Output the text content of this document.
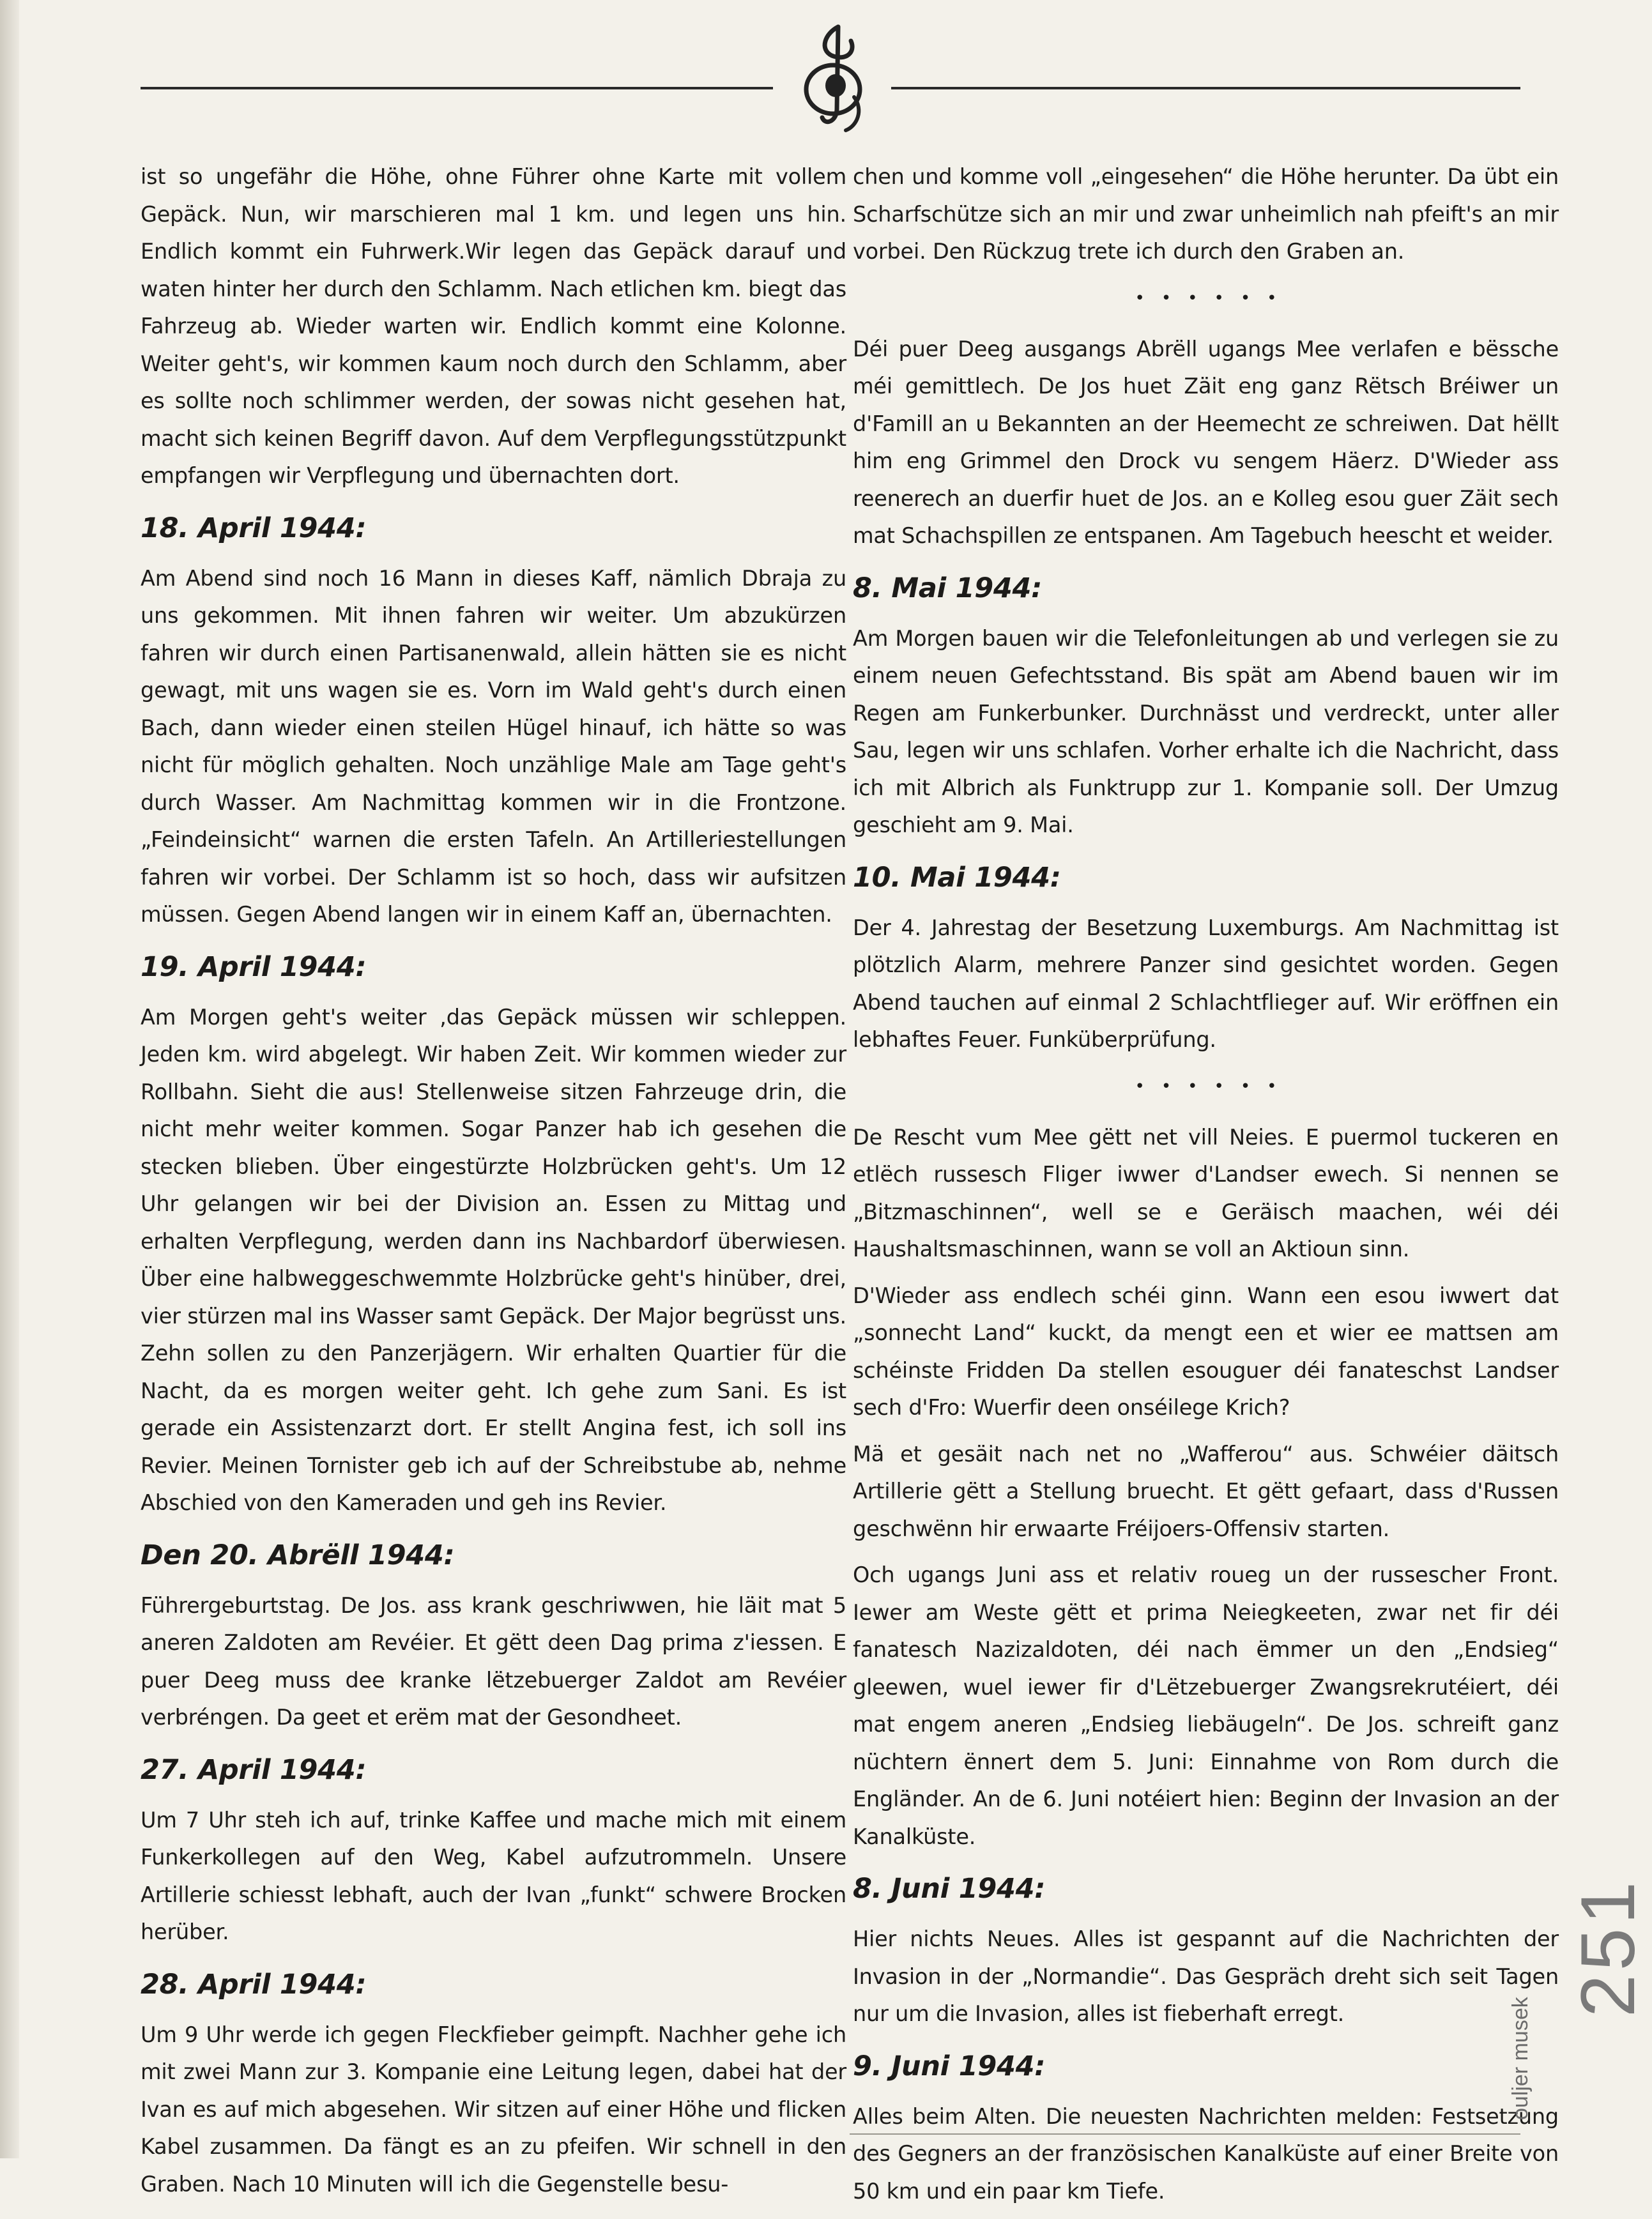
ist so ungefähr die Höhe, ohne Führer ohne Karte mit vollem Gepäck. Nun, wir marschieren mal 1 km. und legen uns hin. Endlich kommt ein Fuhrwerk.Wir legen das Gepäck darauf und waten hinter her durch den Schlamm. Nach etlichen km. biegt das Fahrzeug ab. Wieder warten wir. Endlich kommt eine Kolonne. Weiter geht's, wir kommen kaum noch durch den Schlamm, aber es sollte noch schlimmer werden, der sowas nicht gesehen hat, macht sich keinen Begriff davon. Auf dem Verpflegungsstützpunkt empfangen wir Verpflegung und übernachten dort.

18. April 1944:

Am Abend sind noch 16 Mann in dieses Kaff, nämlich Dbraja zu uns gekommen. Mit ihnen fahren wir weiter. Um abzukürzen fahren wir durch einen Partisanenwald, allein hätten sie es nicht gewagt, mit uns wagen sie es. Vorn im Wald geht's durch einen Bach, dann wieder einen steilen Hügel hinauf, ich hätte so was nicht für möglich gehalten. Noch unzählige Male am Tage geht's durch Wasser. Am Nachmittag kommen wir in die Frontzone. „Feindeinsicht“ warnen die ersten Tafeln. An Artilleriestellungen fahren wir vorbei. Der Schlamm ist so hoch, dass wir aufsitzen müssen. Gegen Abend langen wir in einem Kaff an, übernachten.

19. April 1944:

Am Morgen geht's weiter ,das Gepäck müssen wir schleppen. Jeden km. wird abgelegt. Wir haben Zeit. Wir kommen wieder zur Rollbahn. Sieht die aus! Stellenweise sitzen Fahrzeuge drin, die nicht mehr weiter kommen. Sogar Panzer hab ich gesehen die stecken blieben. Über eingestürzte Holzbrücken geht's. Um 12 Uhr gelangen wir bei der Division an. Essen zu Mittag und erhalten Verpflegung, werden dann ins Nachbardorf überwiesen. Über eine halbweggeschwemmte Holzbrücke geht's hinüber, drei, vier stürzen mal ins Wasser samt Gepäck. Der Major begrüsst uns. Zehn sollen zu den Panzerjägern. Wir erhalten Quartier für die Nacht, da es morgen weiter geht. Ich gehe zum Sani. Es ist gerade ein Assistenzarzt dort. Er stellt Angina fest, ich soll ins Revier. Meinen Tornister geb ich auf der Schreibstube ab, nehme Abschied von den Kameraden und geh ins Revier.

Den 20. Abrëll 1944:

Führergeburtstag. De Jos. ass krank geschriwwen, hie läit mat 5 aneren Zaldoten am Revéier. Et gëtt deen Dag prima z'iessen. E puer Deeg muss dee kranke lëtzebuerger Zaldot am Revéier verbréngen. Da geet et erëm mat der Gesondheet.

27. April 1944:

Um 7 Uhr steh ich auf, trinke Kaffee und mache mich mit einem Funkerkollegen auf den Weg, Kabel aufzutrommeln. Unsere Artillerie schiesst lebhaft, auch der Ivan „funkt“ schwere Brocken herüber.

28. April 1944:

Um 9 Uhr werde ich gegen Fleckfieber geimpft. Nachher gehe ich mit zwei Mann zur 3. Kompanie eine Leitung legen, dabei hat der Ivan es auf mich abgesehen. Wir sitzen auf einer Höhe und flicken Kabel zusammen. Da fängt es an zu pfeifen. Wir schnell in den Graben. Nach 10 Minuten will ich die Gegenstelle besu-

chen und komme voll „eingesehen“ die Höhe herunter. Da übt ein Scharfschütze sich an mir und zwar unheimlich nah pfeift's an mir vorbei. Den Rückzug trete ich durch den Graben an.

••••••

Déi puer Deeg ausgangs Abrëll ugangs Mee verlafen e bëssche méi gemittlech. De Jos huet Zäit eng ganz Rëtsch Bréiwer un d'Famill an u Bekannten an der Heemecht ze schreiwen. Dat hëllt him eng Grimmel den Drock vu sengem Häerz. D'Wieder ass reenerech an duerfir huet de Jos. an e Kolleg esou guer Zäit sech mat Schachspillen ze entspanen. Am Tagebuch heescht et weider.

8. Mai 1944:

Am Morgen bauen wir die Telefonleitungen ab und verlegen sie zu einem neuen Gefechtsstand. Bis spät am Abend bauen wir im Regen am Funkerbunker. Durchnässt und verdreckt, unter aller Sau, legen wir uns schlafen. Vorher erhalte ich die Nachricht, dass ich mit Albrich als Funktrupp zur 1. Kompanie soll. Der Umzug geschieht am 9. Mai.

10. Mai 1944:

Der 4. Jahrestag der Besetzung Luxemburgs. Am Nachmittag ist plötzlich Alarm, mehrere Panzer sind gesichtet worden. Gegen Abend tauchen auf einmal 2 Schlachtflieger auf. Wir eröffnen ein lebhaftes Feuer. Funküberprüfung.

••••••

De Rescht vum Mee gëtt net vill Neies. E puermol tuckeren en etlëch russesch Fliger iwwer d'Landser ewech. Si nennen se „Bitzmaschinnen“, well se e Geräisch maachen, wéi déi Haushaltsmaschinnen, wann se voll an Aktioun sinn.

D'Wieder ass endlech schéi ginn. Wann een esou iwwert dat „sonnecht Land“ kuckt, da mengt een et wier ee mattsen am schéinste Fridden Da stellen esouguer déi fanateschst Landser sech d'Fro: Wuerfir deen onséilege Krich?

Mä et gesäit nach net no „Wafferou“ aus. Schwéier däitsch Artillerie gëtt a Stellung bruecht. Et gëtt gefaart, dass d'Russen geschwënn hir erwaarte Fréijoers-Offensiv starten.

Och ugangs Juni ass et relativ roueg un der russescher Front. Iewer am Weste gëtt et prima Neiegkeeten, zwar net fir déi fanatesch Nazizaldoten, déi nach ëmmer un den „Endsieg“ gleewen, wuel iewer fir d'Lëtzebuerger Zwangsrekrutéiert, déi mat engem aneren „Endsieg liebäugeln“. De Jos. schreift ganz nüchtern ënnert dem 5. Juni: Einnahme von Rom durch die Engländer. An de 6. Juni notéiert hien: Beginn der Invasion an der Kanalküste.

8. Juni 1944:

Hier nichts Neues. Alles ist gespannt auf die Nachrichten der Invasion in der „Normandie“. Das Gespräch dreht sich seit Tagen nur um die Invasion, alles ist fieberhaft erregt.

9. Juni 1944:

Alles beim Alten. Die neuesten Nachrichten melden: Festsetzung des Gegners an der französischen Kanalküste auf einer Breite von 50 km und ein paar km Tiefe.

ouljer musek
251
